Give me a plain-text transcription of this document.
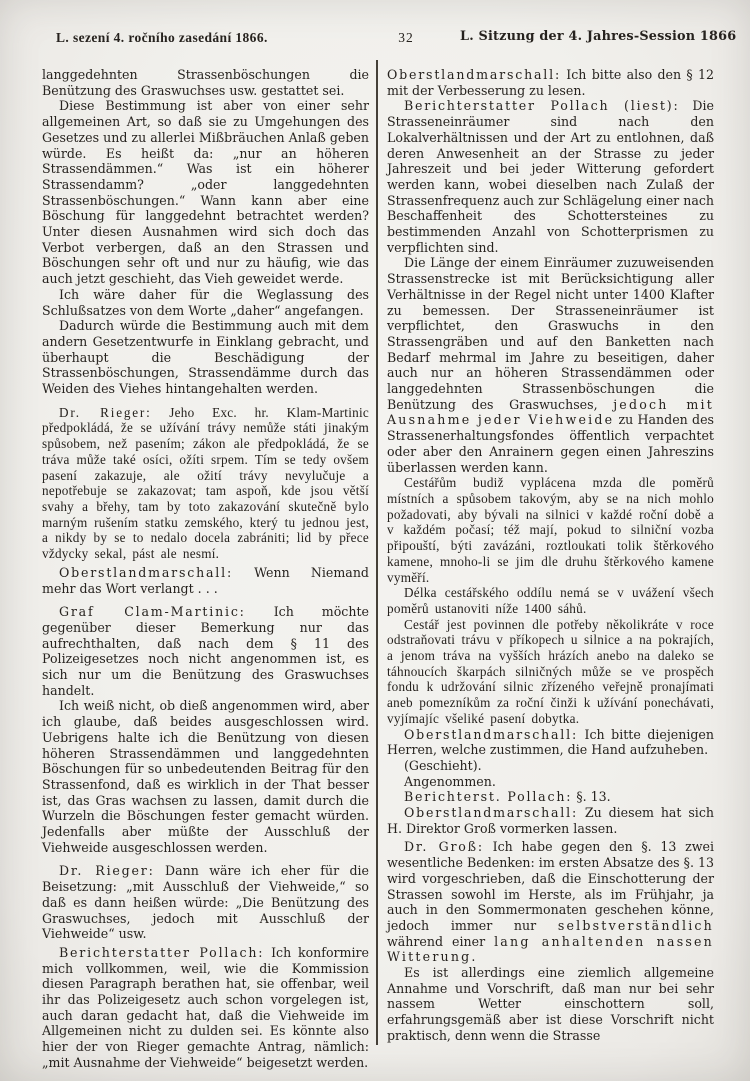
L. sezení 4. ročního zasedání 1866.	32	L. Sitzung der 4. Jahres-Session 1866

langgedehnten Strassenböschungen die Benützung des Graswuchses usw. gestattet sei.

Diese Bestimmung ist aber von einer sehr allgemeinen Art, so daß sie zu Umgehungen des Gesetzes und zu allerlei Mißbräuchen Anlaß geben würde. Es heißt da: „nur an höheren Strassendämmen.“ Was ist ein höherer Strassendamm? „oder langgedehnten Strassenböschungen.“ Wann kann aber eine Böschung für langgedehnt betrachtet werden? Unter diesen Ausnahmen wird sich doch das Verbot verbergen, daß an den Strassen und Böschungen sehr oft und nur zu häufig, wie das auch jetzt geschieht, das Vieh geweidet werde.

Ich wäre daher für die Weglassung des Schlußsatzes von dem Worte „daher“ angefangen.

Dadurch würde die Bestimmung auch mit dem andern Gesetzentwurfe in Einklang gebracht, und überhaupt die Beschädigung der Strassenböschungen, Strassendämme durch das Weiden des Viehes hintangehalten werden.

Dr. Rieger: Jeho Exc. hr. Klam-Martinic předpokládá, že se užívání trávy nemůže státi jinakým spůsobem, než pasením; zákon ale předpokládá, že se tráva může také osíci, ožíti srpem. Tím se tedy ovšem pasení zakazuje, ale ožití trávy nevylučuje a nepotřebuje se zakazovat; tam aspoň, kde jsou větší svahy a břehy, tam by toto zakazování skutečně bylo marným rušením statku zemského, který tu jednou jest, a nikdy by se to nedalo docela zabrániti; lid by přece vždycky sekal, pást ale nesmí.

Oberstlandmarschall: Wenn Niemand mehr das Wort verlangt . . .

Graf Clam-Martinic: Ich möchte gegenüber dieser Bemerkung nur das aufrechthalten, daß nach dem § 11 des Polizeigesetzes noch nicht angenommen ist, es sich nur um die Benützung des Graswuchses handelt.

Ich weiß nicht, ob dieß angenommen wird, aber ich glaube, daß beides ausgeschlossen wird. Uebrigens halte ich die Benützung von diesen höheren Strassendämmen und langgedehnten Böschungen für so unbedeutenden Beitrag für den Strassenfond, daß es wirklich in der That besser ist, das Gras wachsen zu lassen, damit durch die Wurzeln die Böschungen fester gemacht würden. Jedenfalls aber müßte der Ausschluß der Viehweide ausgeschlossen werden.

Dr. Rieger: Dann wäre ich eher für die Beisetzung: „mit Ausschluß der Viehweide,“ so daß es dann heißen würde: „Die Benützung des Graswuchses, jedoch mit Ausschluß der Viehweide“ usw.

Berichterstatter Pollach: Ich konformire mich vollkommen, weil, wie die Kommission diesen Paragraph berathen hat, sie offenbar, weil ihr das Polizeigesetz auch schon vorgelegen ist, auch daran gedacht hat, daß die Viehweide im Allgemeinen nicht zu dulden sei. Es könnte also hier der von Rieger gemachte Antrag, nämlich: „mit Ausnahme der Viehweide“ beigesetzt werden.

Oberstlandmarschall: Ich bitte also den § 12 mit der Verbesserung zu lesen.

Berichterstatter Pollach (liest): Die Strasseneinräumer sind nach den Lokalverhältnissen und der Art zu entlohnen, daß deren Anwesenheit an der Strasse zu jeder Jahreszeit und bei jeder Witterung gefordert werden kann, wobei dieselben nach Zulaß der Strassenfrequenz auch zur Schlägelung einer nach Beschaffenheit des Schottersteines zu bestimmenden Anzahl von Schotterprismen zu verpflichten sind.

Die Länge der einem Einräumer zuzuweisenden Strassenstrecke ist mit Berücksichtigung aller Verhältnisse in der Regel nicht unter 1400 Klafter zu bemessen. Der Strasseneinräumer ist verpflichtet, den Graswuchs in den Strassengräben und auf den Banketten nach Bedarf mehrmal im Jahre zu beseitigen, daher auch nur an höheren Strassendämmen oder langgedehnten Strassenböschungen die Benützung des Graswuchses, jedoch mit Ausnahme jeder Viehweide zu Handen des Strassenerhaltungsfondes öffentlich verpachtet oder aber den Anrainern gegen einen Jahreszins überlassen werden kann.

Cestářům budiž vyplácena mzda dle poměrů místních a spůsobem takovým, aby se na nich mohlo požadovati, aby bývali na silnici v každé roční době a v každém počasí; též mají, pokud to silniční vozba připouští, býti zavázáni, roztloukati tolik štěrkového kamene, mnoho-li se jim dle druhu štěrkového kamene vyměří.

Délka cestářského oddílu nemá se v uvážení všech poměrů ustanoviti níže 1400 sáhů.

Cestář jest povinnen dle potřeby několikráte v roce odstraňovati trávu v příkopech u silnice a na pokrajích, a jenom tráva na vyšších hrázích anebo na daleko se táhnoucích škarpách silničných může se ve prospěch fondu k udržování silnic zřízeného veřejně pronajímati aneb pomezníkům za roční činži k užívání ponechávati, vyjímajíc všeliké pasení dobytka.

Oberstlandmarschall: Ich bitte diejenigen Herren, welche zustimmen, die Hand aufzuheben.

(Geschieht).

Angenommen.

Berichterst. Pollach: §. 13.

Oberstlandmarschall: Zu diesem hat sich H. Direktor Groß vormerken lassen.

Dr. Groß: Ich habe gegen den §. 13 zwei wesentliche Bedenken: im ersten Absatze des §. 13 wird vorgeschrieben, daß die Einschotterung der Strassen sowohl im Herste, als im Frühjahr, ja auch in den Sommermonaten geschehen könne, jedoch immer nur selbstverständlich während einer lang anhaltenden nassen Witterung.

Es ist allerdings eine ziemlich allgemeine Annahme und Vorschrift, daß man nur bei sehr nassem Wetter einschottern soll, erfahrungsgemäß aber ist diese Vorschrift nicht praktisch, denn wenn die Strasse
